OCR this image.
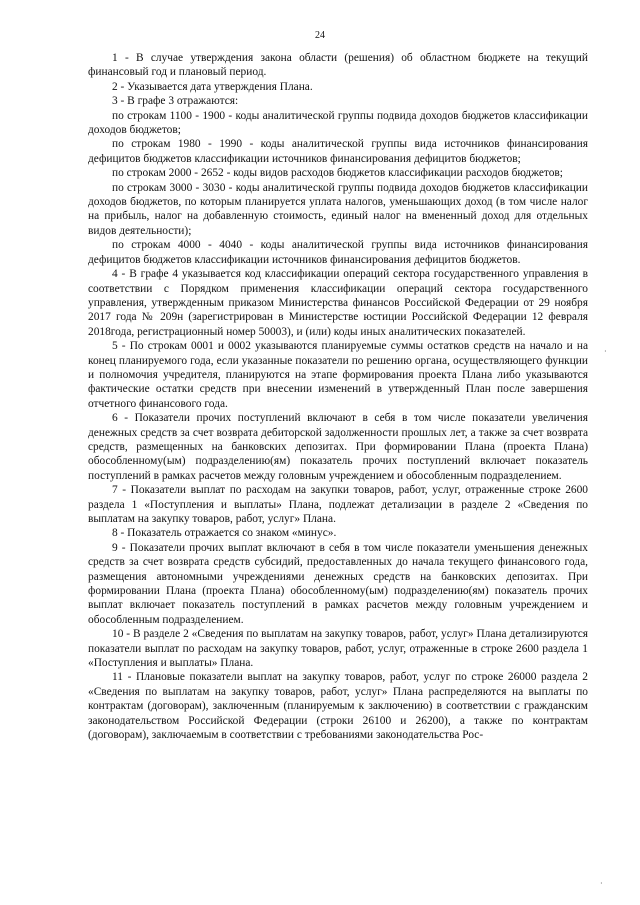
24

1 - В случае утверждения закона области (решения) об областном бюджете на текущий финансовый год и плановый период.

2 - Указывается дата утверждения Плана.

3 - В графе 3 отражаются:

по строкам 1100 - 1900 - коды аналитической группы подвида доходов бюджетов классификации доходов бюджетов;

по строкам 1980 - 1990 - коды аналитической группы вида источников финансирования дефицитов бюджетов классификации источников финансирования дефицитов бюджетов;

по строкам 2000 - 2652 - коды видов расходов бюджетов классификации расходов бюджетов;

по строкам 3000 - 3030 - коды аналитической группы подвида доходов бюджетов классификации доходов бюджетов, по которым планируется уплата налогов, уменьшающих доход (в том числе налог на прибыль, налог на добавленную стоимость, единый налог на вмененный доход для отдельных видов деятельности);

по строкам 4000 - 4040 - коды аналитической группы вида источников финансирования дефицитов бюджетов классификации источников финансирования дефицитов бюджетов.

4 - В графе 4 указывается код классификации операций сектора государственного управления в соответствии с Порядком применения классификации операций сектора государственного управления, утвержденным приказом Министерства финансов Российской Федерации от 29 ноября 2017 года № 209н (зарегистрирован в Министерстве юстиции Российской Федерации 12 февраля 2018года, регистрационный номер 50003), и (или) коды иных аналитических показателей.

5 - По строкам 0001 и 0002 указываются планируемые суммы остатков средств на начало и на конец планируемого года, если указанные показатели по решению органа, осуществляющего функции и полномочия учредителя, планируются на этапе формирования проекта Плана либо указываются фактические остатки средств при внесении изменений в утвержденный План после завершения отчетного финансового года.

6 - Показатели прочих поступлений включают в себя в том числе показатели увеличения денежных средств за счет возврата дебиторской задолженности прошлых лет, а также за счет возврата средств, размещенных на банковских депозитах. При формировании Плана (проекта Плана) обособленному(ым) подразделению(ям) показатель прочих поступлений включает показатель поступлений в рамках расчетов между головным учреждением и обособленным подразделением.

7 - Показатели выплат по расходам на закупки товаров, работ, услуг, отраженные строке 2600 раздела 1 «Поступления и выплаты» Плана, подлежат детализации в разделе 2 «Сведения по выплатам на закупку товаров, работ, услуг» Плана.

8 - Показатель отражается со знаком «минус».

9 - Показатели прочих выплат включают в себя в том числе показатели уменьшения денежных средств за счет возврата средств субсидий, предоставленных до начала текущего финансового года, размещения автономными учреждениями денежных средств на банковских депозитах. При формировании Плана (проекта Плана) обособленному(ым) подразделению(ям) показатель прочих выплат включает показатель поступлений в рамках расчетов между головным учреждением и обособленным подразделением.

10 - В разделе 2 «Сведения по выплатам на закупку товаров, работ, услуг» Плана детализируются показатели выплат по расходам на закупку товаров, работ, услуг, отраженные в строке 2600 раздела 1 «Поступления и выплаты» Плана.

11 - Плановые показатели выплат на закупку товаров, работ, услуг по строке 26000 раздела 2 «Сведения по выплатам на закупку товаров, работ, услуг» Плана распределяются на выплаты по контрактам (договорам), заключенным (планируемым к заключению) в соответствии с гражданским законодательством Российской Федерации (строки 26100 и 26200), а также по контрактам (договорам), заключаемым в соответствии с требованиями законодательства Рос-

·
·
